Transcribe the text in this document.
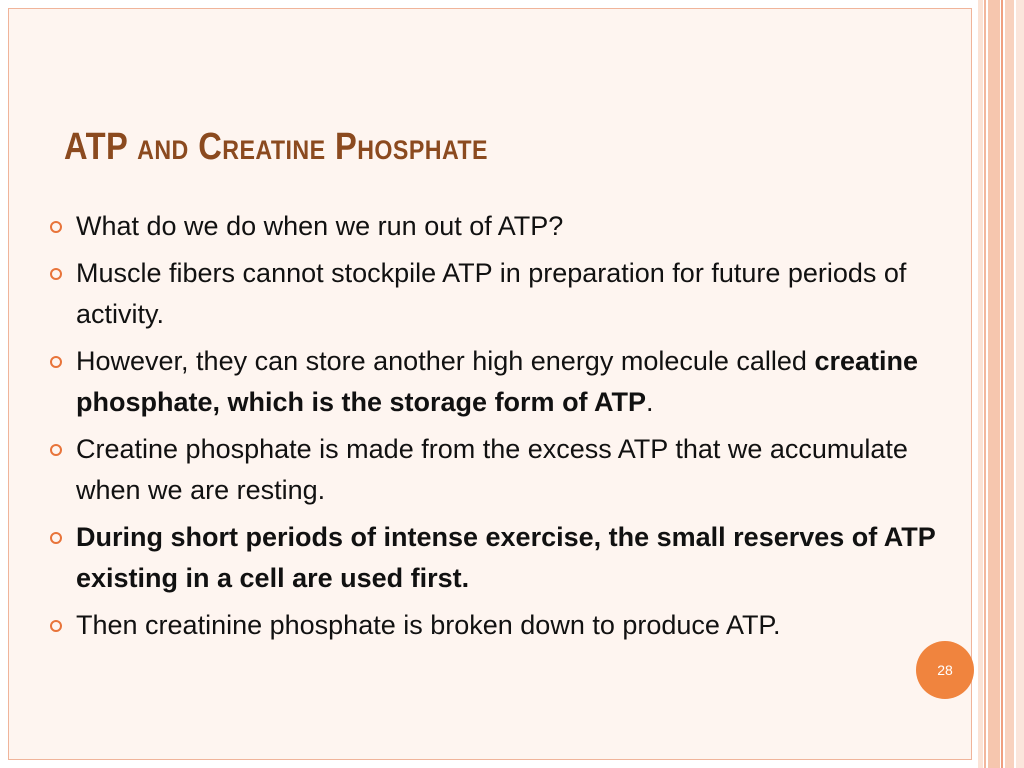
ATP and Creatine Phosphate
What do we do when we run out of ATP?
Muscle fibers cannot stockpile ATP in preparation for future periods of activity.
However, they can store another high energy molecule called creatine phosphate, which is the storage form of ATP.
Creatine phosphate is made from the excess ATP that we accumulate when we are resting.
During short periods of intense exercise, the small reserves of ATP existing in a cell are used first.
Then creatinine phosphate is broken down to produce ATP.
28
